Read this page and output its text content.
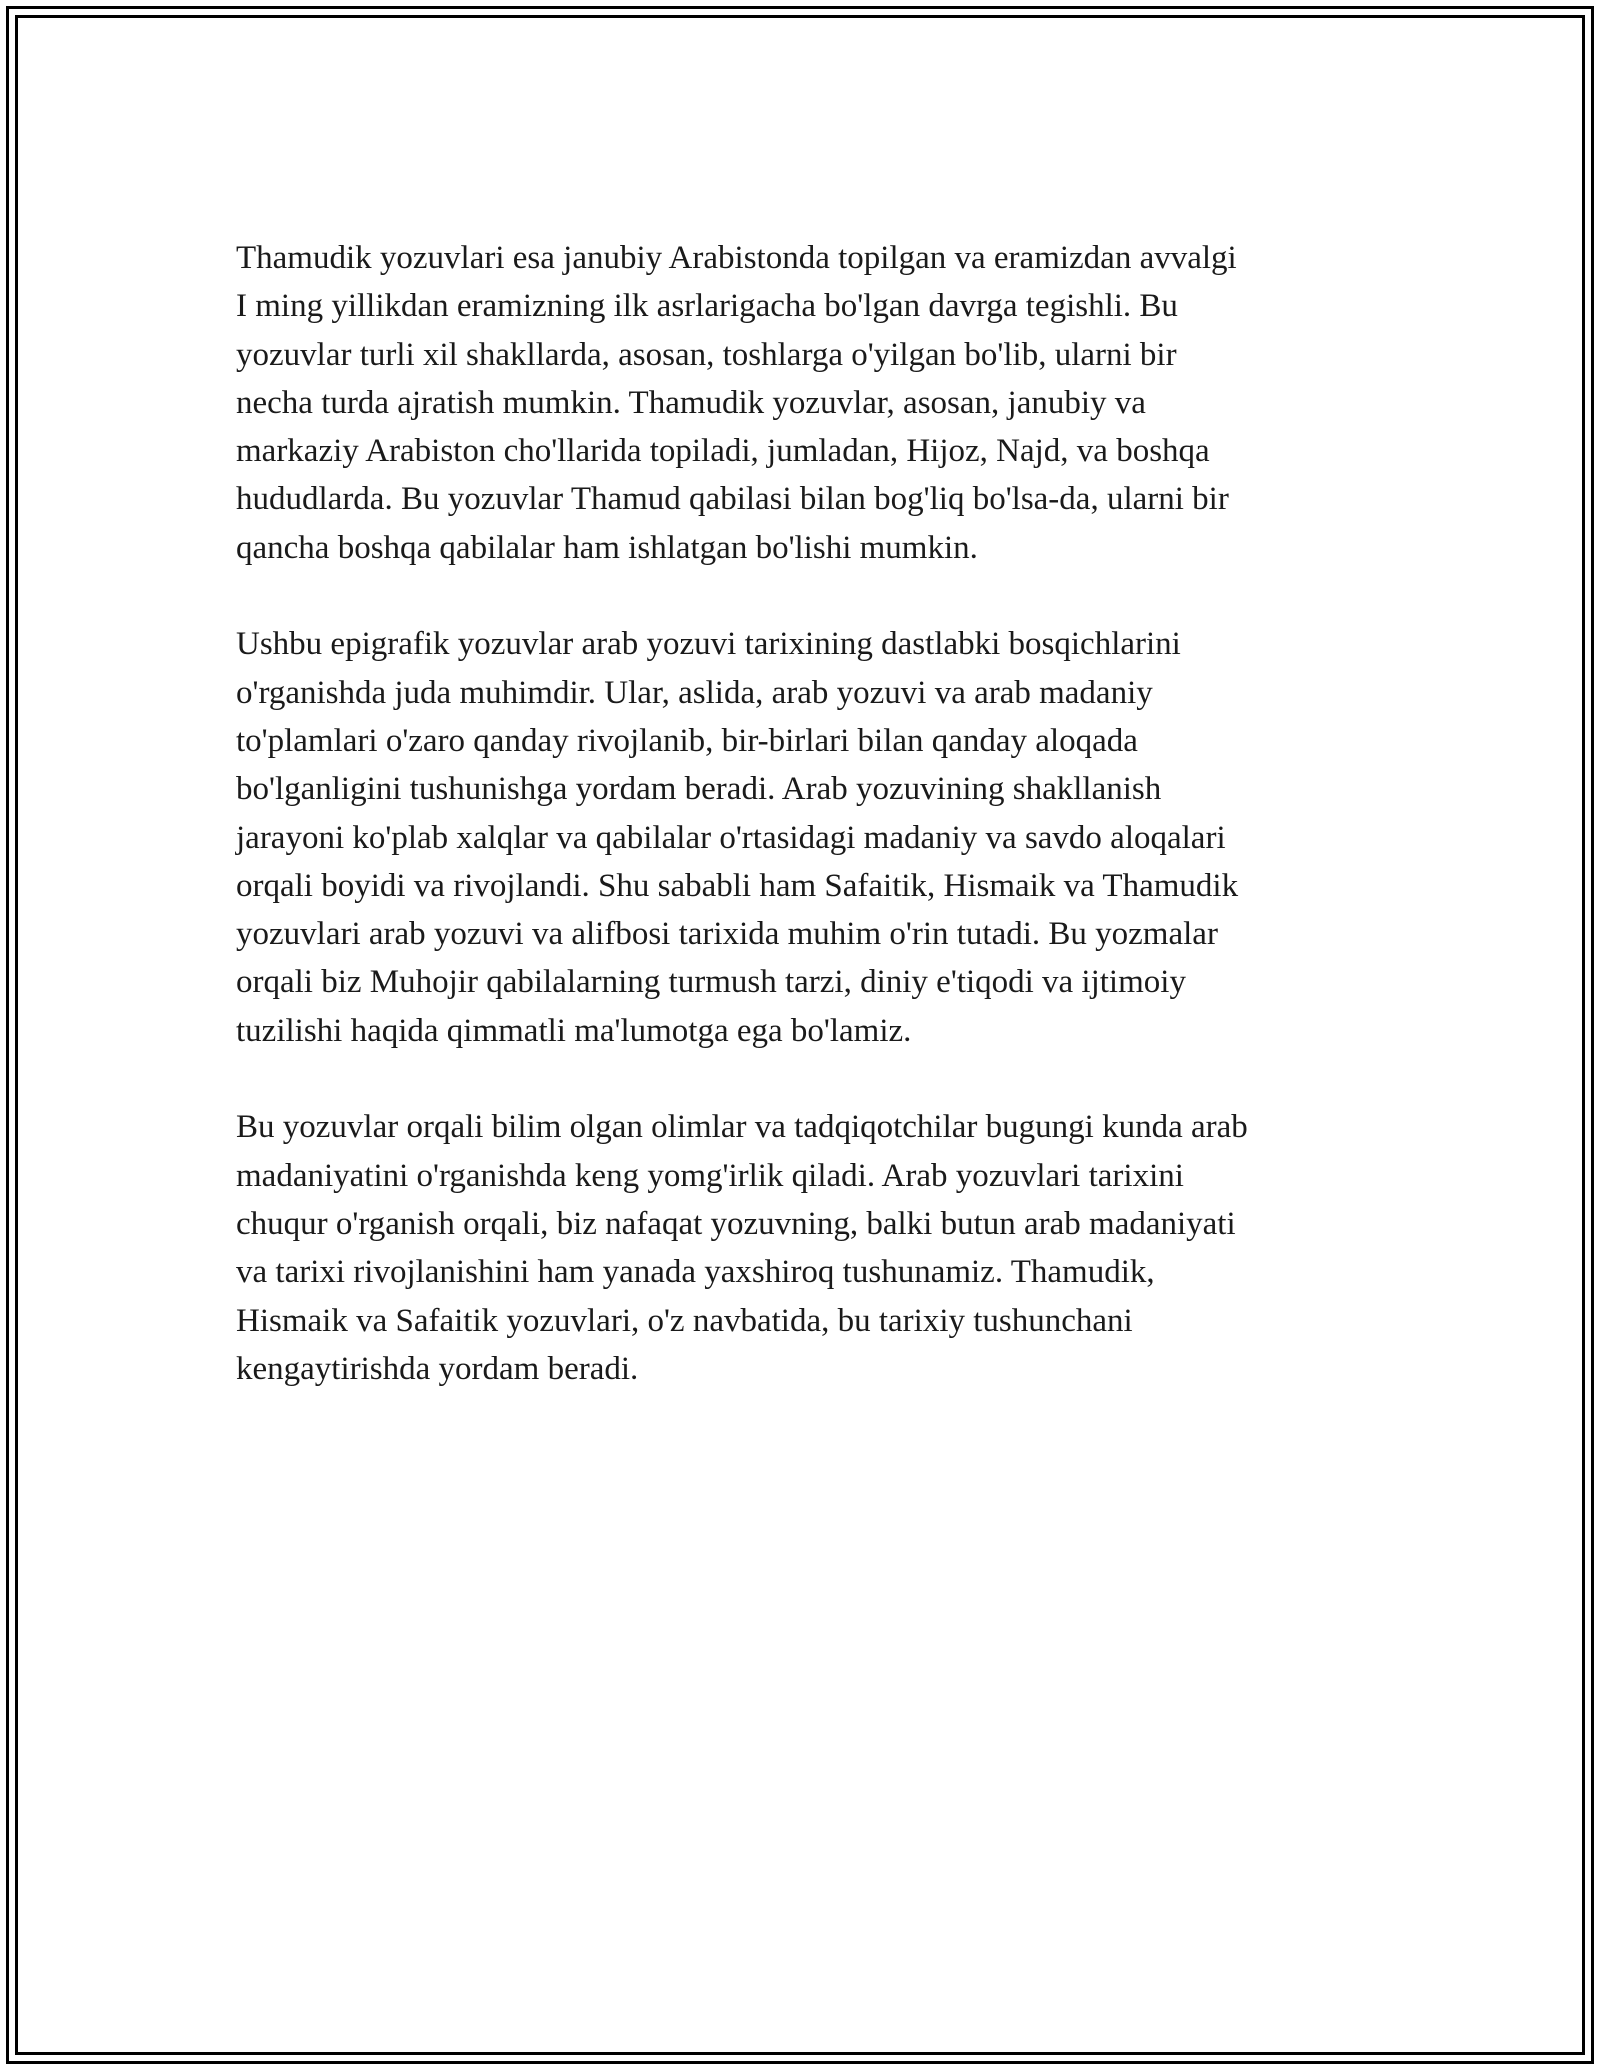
Thamudik yozuvlari esa janubiy Arabistonda topilgan va eramizdan avvalgi
I ming yillikdan eramizning ilk asrlarigacha bo'lgan davrga tegishli. Bu
yozuvlar turli xil shakllarda, asosan, toshlarga o'yilgan bo'lib, ularni bir
necha turda ajratish mumkin. Thamudik yozuvlar, asosan, janubiy va
markaziy Arabiston cho'llarida topiladi, jumladan, Hijoz, Najd, va boshqa
hududlarda. Bu yozuvlar Thamud qabilasi bilan bog'liq bo'lsa-da, ularni bir
qancha boshqa qabilalar ham ishlatgan bo'lishi mumkin.

Ushbu epigrafik yozuvlar arab yozuvi tarixining dastlabki bosqichlarini
o'rganishda juda muhimdir. Ular, aslida, arab yozuvi va arab madaniy
to'plamlari o'zaro qanday rivojlanib, bir-birlari bilan qanday aloqada
bo'lganligini tushunishga yordam beradi. Arab yozuvining shakllanish
jarayoni ko'plab xalqlar va qabilalar o'rtasidagi madaniy va savdo aloqalari
orqali boyidi va rivojlandi. Shu sababli ham Safaitik, Hismaik va Thamudik
yozuvlari arab yozuvi va alifbosi tarixida muhim o'rin tutadi. Bu yozmalar
orqali biz Muhojir qabilalarning turmush tarzi, diniy e'tiqodi va ijtimoiy
tuzilishi haqida qimmatli ma'lumotga ega bo'lamiz.

Bu yozuvlar orqali bilim olgan olimlar va tadqiqotchilar bugungi kunda arab
madaniyatini o'rganishda keng yomg'irlik qiladi. Arab yozuvlari tarixini
chuqur o'rganish orqali, biz nafaqat yozuvning, balki butun arab madaniyati
va tarixi rivojlanishini ham yanada yaxshiroq tushunamiz. Thamudik,
Hismaik va Safaitik yozuvlari, o'z navbatida, bu tarixiy tushunchani
kengaytirishda yordam beradi.
